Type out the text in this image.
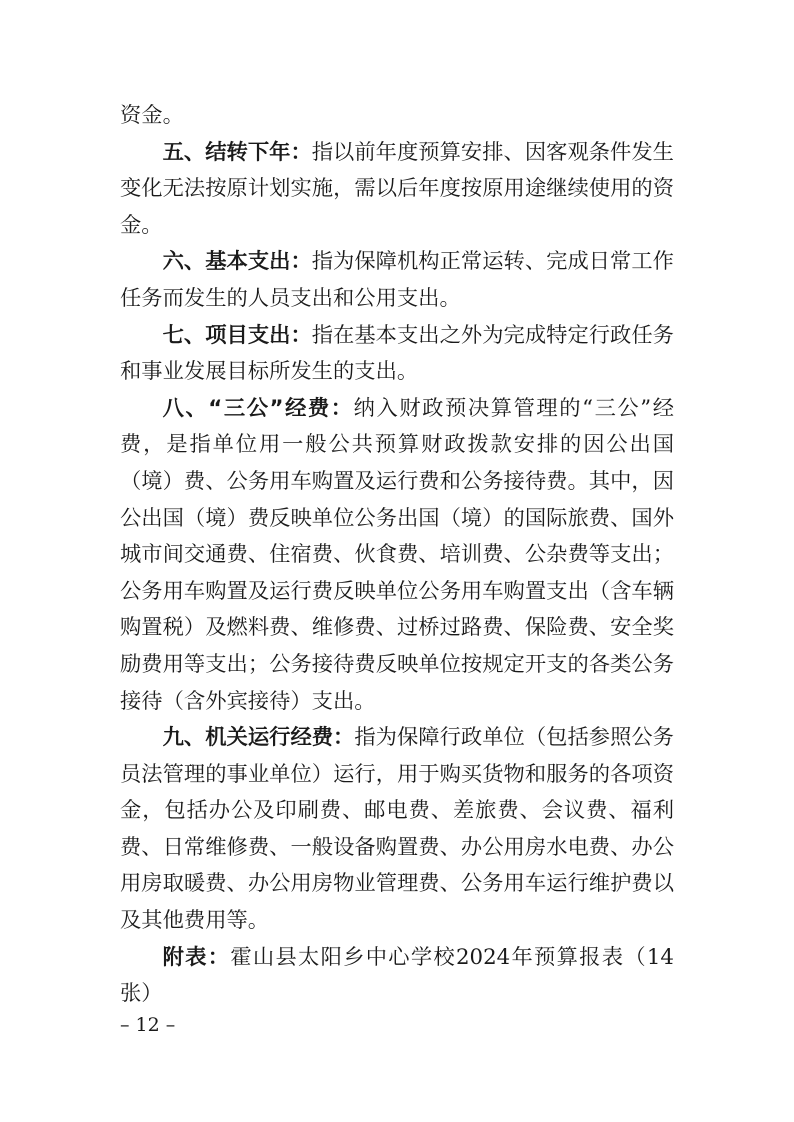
资金。

五、结转下年：指以前年度预算安排、因客观条件发生变化无法按原计划实施，需以后年度按原用途继续使用的资金。

六、基本支出：指为保障机构正常运转、完成日常工作任务而发生的人员支出和公用支出。

七、项目支出：指在基本支出之外为完成特定行政任务和事业发展目标所发生的支出。

八、“三公”经费：纳入财政预决算管理的“三公”经费，是指单位用一般公共预算财政拨款安排的因公出国（境）费、公务用车购置及运行费和公务接待费。其中，因公出国（境）费反映单位公务出国（境）的国际旅费、国外城市间交通费、住宿费、伙食费、培训费、公杂费等支出；公务用车购置及运行费反映单位公务用车购置支出（含车辆购置税）及燃料费、维修费、过桥过路费、保险费、安全奖励费用等支出；公务接待费反映单位按规定开支的各类公务接待（含外宾接待）支出。

九、机关运行经费：指为保障行政单位（包括参照公务员法管理的事业单位）运行，用于购买货物和服务的各项资金，包括办公及印刷费、邮电费、差旅费、会议费、福利费、日常维修费、一般设备购置费、办公用房水电费、办公用房取暖费、办公用房物业管理费、公务用车运行维护费以及其他费用等。

附表：霍山县太阳乡中心学校2024年预算报表（14张）

– 12 –
